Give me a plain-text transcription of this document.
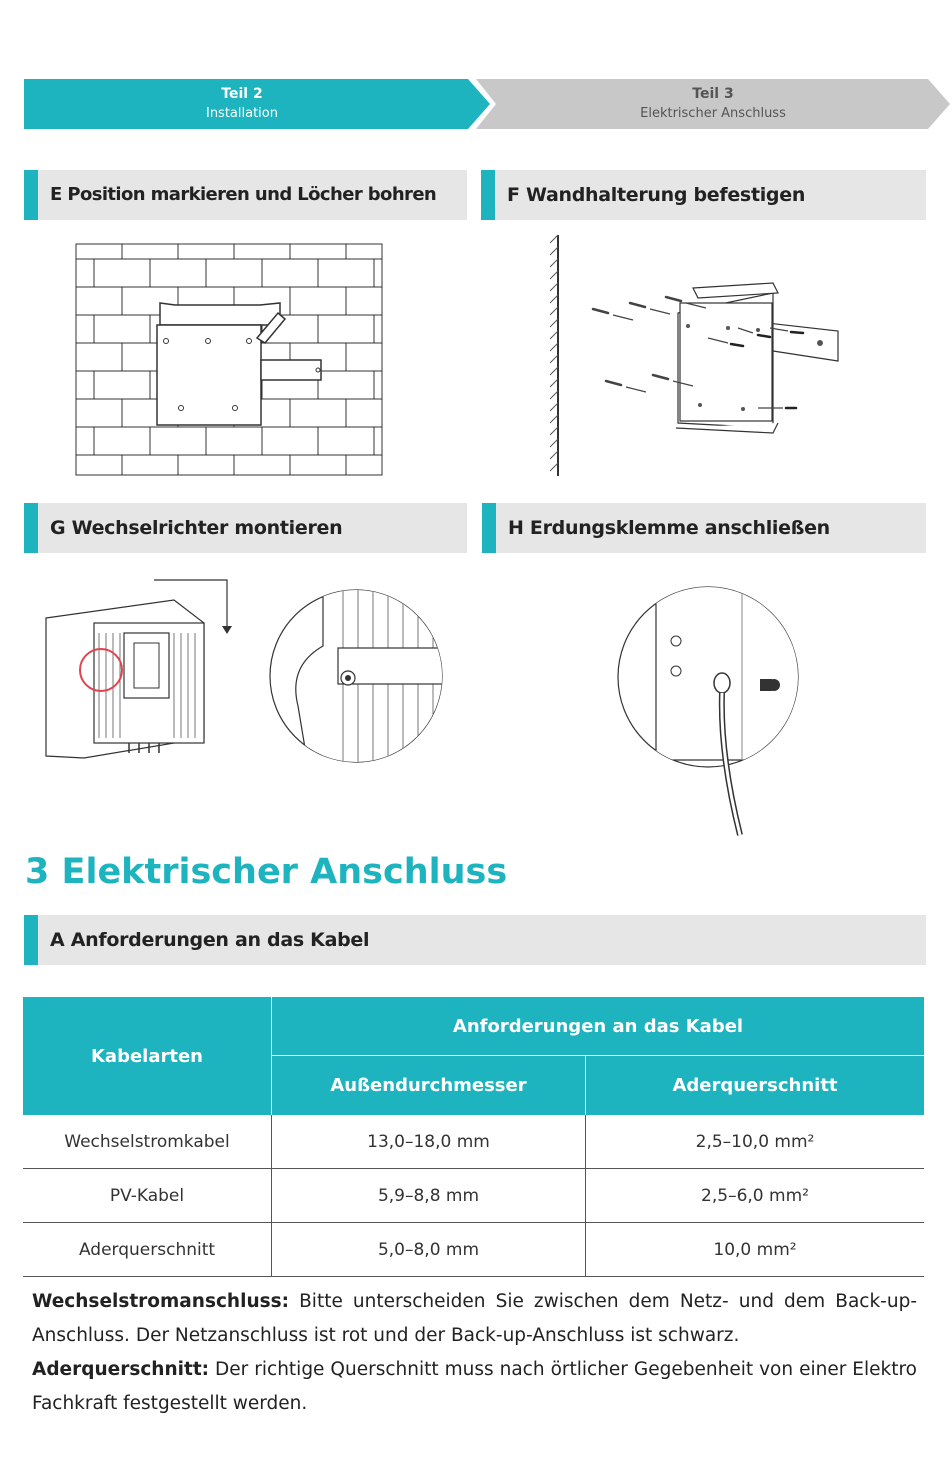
Teil 2
Installation
Teil 3
Elektrischer Anschluss
E Position markieren und Löcher bohren	F Wandhalterung befestigen
G Wechselrichter montieren	H Erdungsklemme anschließen
3 Elektrischer Anschluss
A Anforderungen an das Kabel
Kabelarten	Anforderungen an das Kabel	
	Außendurchmesser	Aderquerschnitt
Wechselstromkabel	13,0–18,0 mm	2,5–10,0 mm²
PV-Kabel	5,9–8,8 mm	2,5–6,0 mm²
Aderquerschnitt	5,0–8,0 mm	10,0 mm²

Wechselstromanschluss: Bitte unterscheiden Sie zwischen dem Netz- und dem Back-up-Anschluss. Der Netzanschluss ist rot und der Back-up-Anschluss ist schwarz.

Aderquerschnitt: Der richtige Querschnitt muss nach örtlicher Gegebenheit von einer Elektro Fachkraft festgestellt werden.
